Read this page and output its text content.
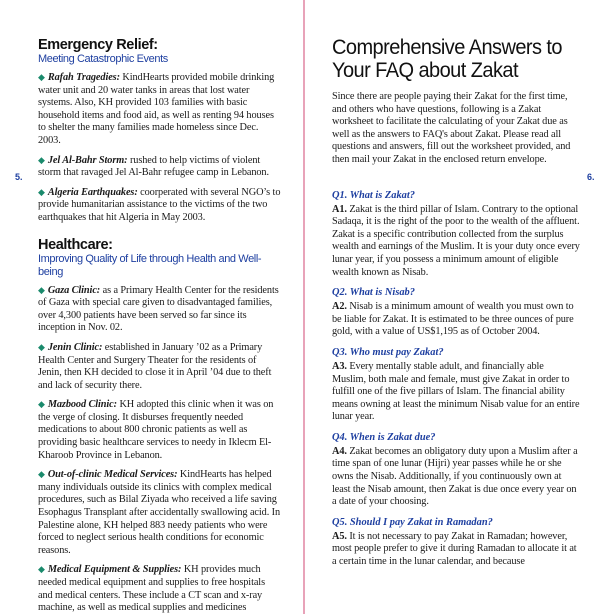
5.
Emergency Relief:
Meeting Catastrophic Events

◆ Rafah Tragedies: KindHearts provided mobile drinking water unit and 20 water tanks in areas that lost water systems. Also, KH provided 103 families with basic household items and food aid, as well as renting 94 houses to shelter the many families made homeless since Dec. 2003.

◆ Jel Al-Bahr Storm: rushed to help victims of violent storm that ravaged Jel Al-Bahr refugee camp in Lebanon.

◆ Algeria Earthquakes: coorperated with several NGO’s to provide humanitarian assistance to the victims of the two earthquakes that hit Algeria in May 2003.

Healthcare:
Improving Quality of Life through Health and Well-being

◆ Gaza Clinic: as a Primary Health Center for the residents of Gaza with special care given to disadvantaged families, over 4,300 patients have been served so far since its inception in Nov. 02.

◆ Jenin Clinic: established in January ’02 as a Primary Health Center and Surgery Theater for the residents of Jenin, then KH decided to close it in April ’04 due to theft and lack of security there.

◆ Mazbood Clinic: KH adopted this clinic when it was on the verge of closing. It disburses frequently needed medications to about 800 chronic patients as well as providing basic healthcare services to needy in Iklecm El-Kharoob Province in Lebanon.

◆ Out-of-clinic Medical Services: KindHearts has helped many individuals outside its clinics with complex medical procedures, such as Bilal Ziyada who received a life saving Esophagus Transplant after accidentally swallowing acid. In Palestine alone, KH helped 883 needy patients who were forced to neglect serious health conditions for economic reasons.

◆ Medical Equipment & Supplies: KH provides much needed medical equipment and supplies to free hospitals and medical centers. These include a CT scan and x-ray machine, as well as medical supplies and medicines

6.
Comprehensive Answers to
Your FAQ about Zakat

Since there are people paying their Zakat for the first time, and others who have questions, following is a Zakat worksheet to facilitate the calculating of your Zakat due as well as the answers to FAQ's about Zakat. Please read all questions and answers, fill out the worksheet provided, and then mail your Zakat in the enclosed return envelope.

Q1. What is Zakat?

A1. Zakat is the third pillar of Islam. Contrary to the optional Sadaqa, it is the right of the poor to the wealth of the affluent. Zakat is a specific contribution collected from the surplus wealth and earnings of the Muslim. It is your duty once every lunar year, if you possess a minimum amount of eligible wealth known as Nisab.

Q2. What is Nisab?

A2. Nisab is a minimum amount of wealth you must own to be liable for Zakat. It is estimated to be three ounces of pure gold, with a value of US$1,195 as of October 2004.

Q3. Who must pay Zakat?

A3. Every mentally stable adult, and financially able Muslim, both male and female, must give Zakat in order to fulfill one of the five pillars of Islam. The financial ability means owning at least the minimum Nisab value for an entire lunar year.

Q4. When is Zakat due?

A4. Zakat becomes an obligatory duty upon a Muslim after a time span of one lunar (Hijri) year passes while he or she owns the Nisab. Additionally, if you continuously own at least the Nisab amount, then Zakat is due once every year on a date of your choosing.

Q5. Should I pay Zakat in Ramadan?

A5. It is not necessary to pay Zakat in Ramadan; however, most people prefer to give it during Ramadan to allocate it at a certain time in the lunar calendar, and because
